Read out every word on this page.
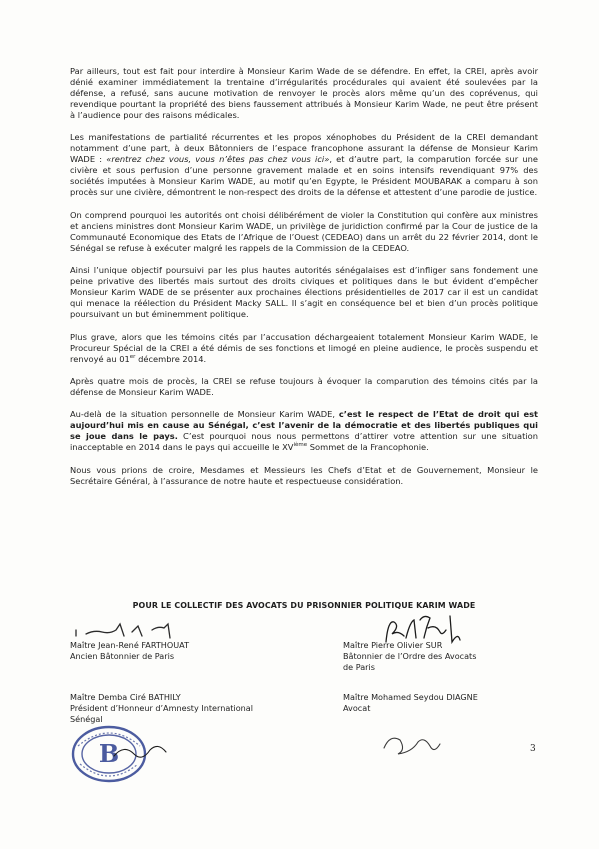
Par ailleurs, tout est fait pour interdire à Monsieur Karim Wade de se défendre. En effet, la CREI, après avoir dénié examiner immédiatement la trentaine d’irrégularités procédurales qui avaient été soulevées par la défense, a refusé, sans aucune motivation de renvoyer le procès alors même qu’un des coprévenus, qui revendique pourtant la propriété des biens faussement attribués à Monsieur Karim Wade, ne peut être présent à l’audience pour des raisons médicales.

Les manifestations de partialité récurrentes et les propos xénophobes du Président de la CREI demandant notamment d’une part, à deux Bâtonniers de l’espace francophone assurant la défense de Monsieur Karim WADE : «rentrez chez vous, vous n’êtes pas chez vous ici», et d’autre part, la comparution forcée sur une civière et sous perfusion d’une personne gravement malade et en soins intensifs revendiquant 97% des sociétés imputées à Monsieur Karim WADE, au motif qu’en Egypte, le Président MOUBARAK a comparu à son procès sur une civière, démontrent le non-respect des droits de la défense et attestent d’une parodie de justice.

On comprend pourquoi les autorités ont choisi délibérément de violer la Constitution qui confère aux ministres et anciens ministres dont Monsieur Karim WADE, un privilège de juridiction confirmé par la Cour de justice de la Communauté Economique des Etats de l’Afrique de l’Ouest (CEDEAO) dans un arrêt du 22 février 2014, dont le Sénégal se refuse à exécuter malgré les rappels de la Commission de la CEDEAO.

Ainsi l’unique objectif poursuivi par les plus hautes autorités sénégalaises est d’infliger sans fondement une peine privative des libertés mais surtout des droits civiques et politiques dans le but évident d’empêcher Monsieur Karim WADE de se présenter aux prochaines élections présidentielles de 2017 car il est un candidat qui menace la réélection du Président Macky SALL. Il s’agit en conséquence bel et bien d’un procès politique poursuivant un but éminemment politique.

Plus grave, alors que les témoins cités par l’accusation déchargeaient totalement Monsieur Karim WADE, le Procureur Spécial de la CREI a été démis de ses fonctions et limogé en pleine audience, le procès suspendu et renvoyé au 01er décembre 2014.

Après quatre mois de procès, la CREI se refuse toujours à évoquer la comparution des témoins cités par la défense de Monsieur Karim WADE.

Au-delà de la situation personnelle de Monsieur Karim WADE, c’est le respect de l’Etat de droit qui est aujourd’hui mis en cause au Sénégal, c’est l’avenir de la démocratie et des libertés publiques qui se joue dans le pays. C’est pourquoi nous nous permettons d’attirer votre attention sur une situation inacceptable en 2014 dans le pays qui accueille le XVième Sommet de la Francophonie.

Nous vous prions de croire, Mesdames et Messieurs les Chefs d’Etat et de Gouvernement, Monsieur le Secrétaire Général, à l’assurance de notre haute et respectueuse considération.

POUR LE COLLECTIF DES AVOCATS DU PRISONNIER POLITIQUE KARIM WADE
Maître Jean-René FARTHOUAT
Ancien Bâtonnier de Paris
Maître Pierre Olivier SUR
Bâtonnier de l’Ordre des Avocats
de Paris
Maître Demba Ciré BATHILY
Président d’Honneur d’Amnesty International
Sénégal
Maître Mohamed Seydou DIAGNE
Avocat
B	3
